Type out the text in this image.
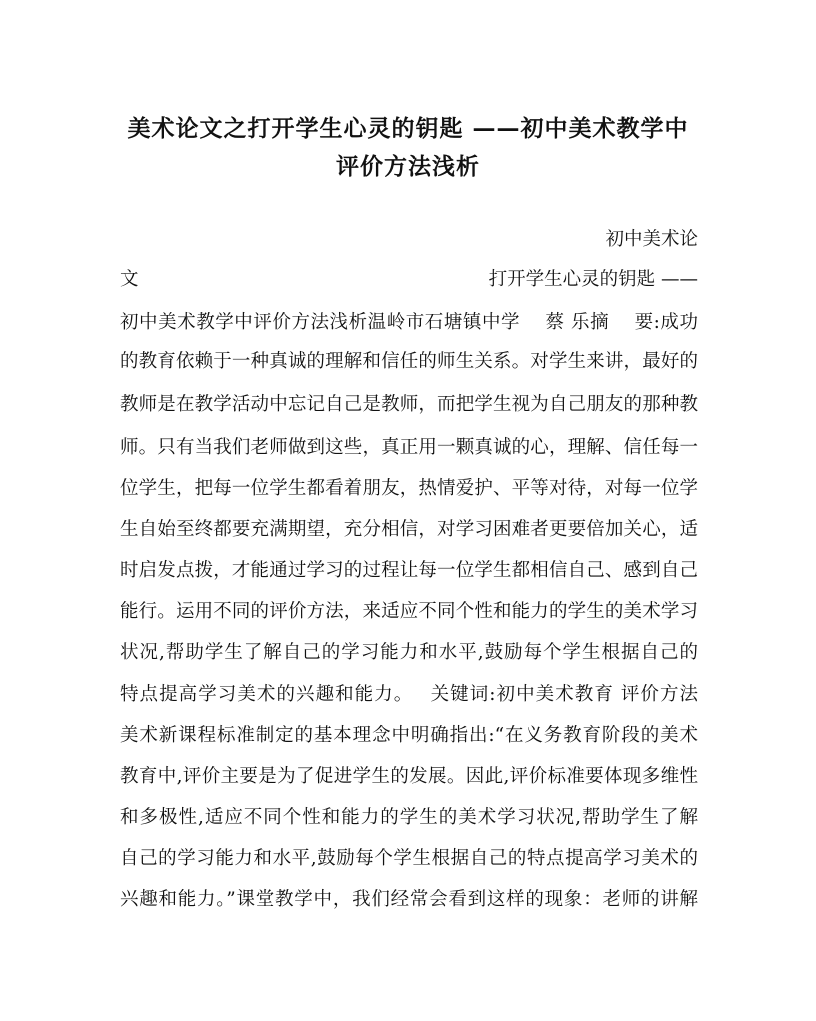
美术论文之打开学生心灵的钥匙 ——初中美术教学中
评价方法浅析
初中美术论
文	打开学生心灵的钥匙 ——
初中美术教学中评价方法浅析温岭市石塘镇中学　 蔡 乐摘　 要:成功
的教育依赖于一种真诚的理解和信任的师生关系。对学生来讲，最好的
教师是在教学活动中忘记自己是教师，而把学生视为自己朋友的那种教
师。只有当我们老师做到这些，真正用一颗真诚的心，理解、信任每一
位学生，把每一位学生都看着朋友，热情爱护、平等对待，对每一位学
生自始至终都要充满期望，充分相信，对学习困难者更要倍加关心，适
时启发点拨，才能通过学习的过程让每一位学生都相信自己、感到自己
能行。运用不同的评价方法，来适应不同个性和能力的学生的美术学习
状况,帮助学生了解自己的学习能力和水平,鼓励每个学生根据自己的
特点提高学习美术的兴趣和能力。　 关键词:初中美术教育 评价方法
美术新课程标准制定的基本理念中明确指出:“在义务教育阶段的美术
教育中,评价主要是为了促进学生的发展。因此,评价标准要体现多维性
和多极性,适应不同个性和能力的学生的美术学习状况,帮助学生了解
自己的学习能力和水平,鼓励每个学生根据自己的特点提高学习美术的
兴趣和能力。”课堂教学中，我们经常会看到这样的现象：老师的讲解
